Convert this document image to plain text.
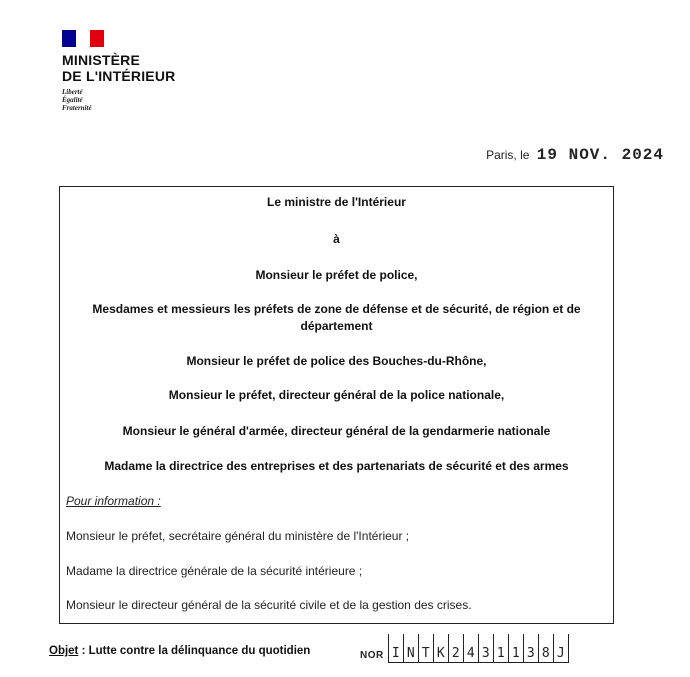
MINISTÈRE
DE L'INTÉRIEUR
Liberté
Égalité
Fraternité
Paris, le 19 NOV. 2024
Le ministre de l'Intérieur
à
Monsieur le préfet de police,
Mesdames et messieurs les préfets de zone de défense et de sécurité, de région et de département
Monsieur le préfet de police des Bouches-du-Rhône,
Monsieur le préfet, directeur général de la police nationale,
Monsieur le général d'armée, directeur général de la gendarmerie nationale
Madame la directrice des entreprises et des partenariats de sécurité et des armes
Pour information :
Monsieur le préfet, secrétaire général du ministère de l'Intérieur ;
Madame la directrice générale de la sécurité intérieure ;
Monsieur le directeur général de la sécurité civile et de la gestion des crises.
Objet : Lutte contre la délinquance du quotidien	NOR I N T K 2 4 3 1 1 3 8 J
